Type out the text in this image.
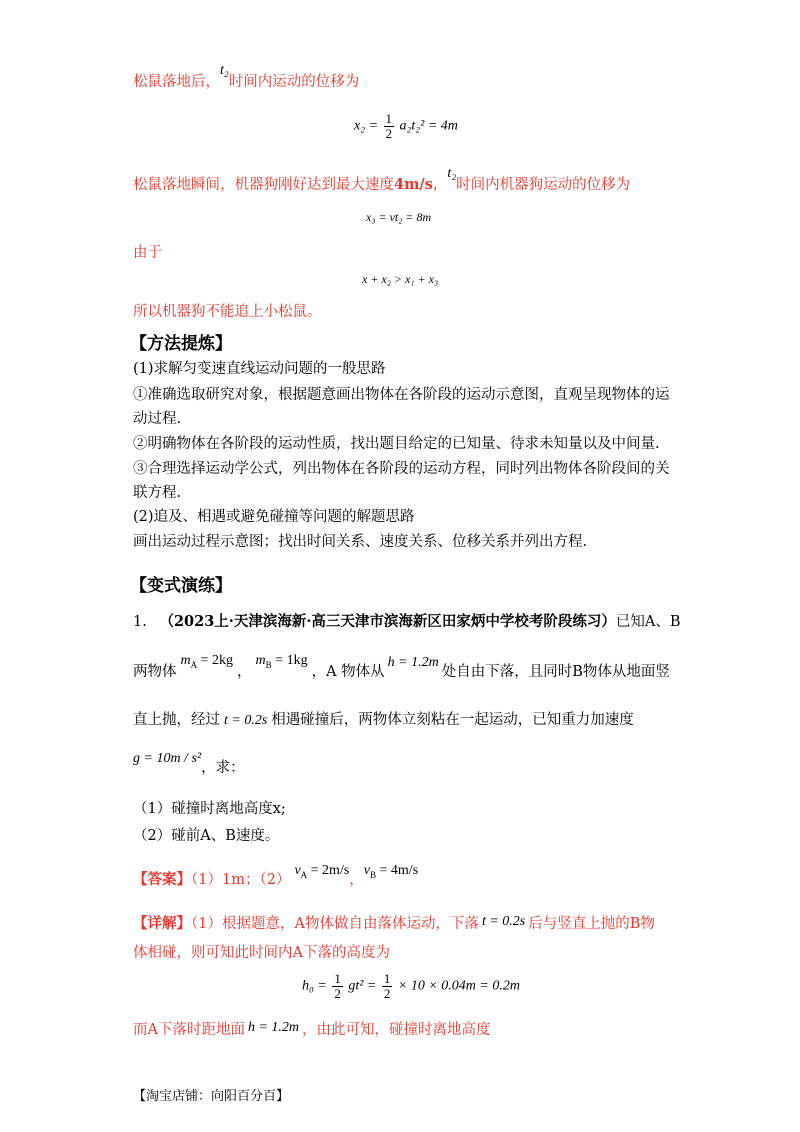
松鼠落地后，t₂时间内运动的位移为
$x_2 = \frac{1}{2} a_2t_2^2 = 4m$
松鼠落地瞬间，机器狗刚好达到最大速度4m/s，t₂时间内机器狗运动的位移为
x₃ = vt₂ = 8m
由于
x + x₂ > x₁ + x₃
所以机器狗不能追上小松鼠。
【方法提炼】
(1)求解匀变速直线运动问题的一般思路
①准确选取研究对象，根据题意画出物体在各阶段的运动示意图，直观呈现物体的运
动过程.
②明确物体在各阶段的运动性质，找出题目给定的已知量、待求未知量以及中间量.
③合理选择运动学公式，列出物体在各阶段的运动方程，同时列出物体各阶段间的关
联方程.
(2)追及、相遇或避免碰撞等问题的解题思路
画出运动过程示意图；找出时间关系、速度关系、位移关系并列出方程.
【变式演练】
1. （2023上·天津滨海新·高三天津市滨海新区田家炳中学校考阶段练习）已知A、B
两物体$m_A = 2kg$，$m_B = 1kg$，A 物体从h = 1.2m处自由下落，且同时B物体从地面竖
直上抛，经过 t = 0.2s 相遇碰撞后，两物体立刻粘在一起运动，已知重力加速度
g = 10m / s²，求：
（1）碰撞时离地高度x;
（2）碰前A、B速度。
【答案】（1）1m；$(2)v_A = 2m/s$，$v_B = 4m/s$
【详解】（1）根据题意，A物体做自由落体运动，下落 t = 0.2s 后与竖直上抛的B物
体相碰，则可知此时间内A下落的高度为
$h_0 = \frac{1}{2} gt^2 = \frac{1}{2} \times 10 \times 0.04m = 0.2m$
而A下落时距地面 h = 1.2m ，由此可知，碰撞时离地高度
【淘宝店铺：向阳百分百】
